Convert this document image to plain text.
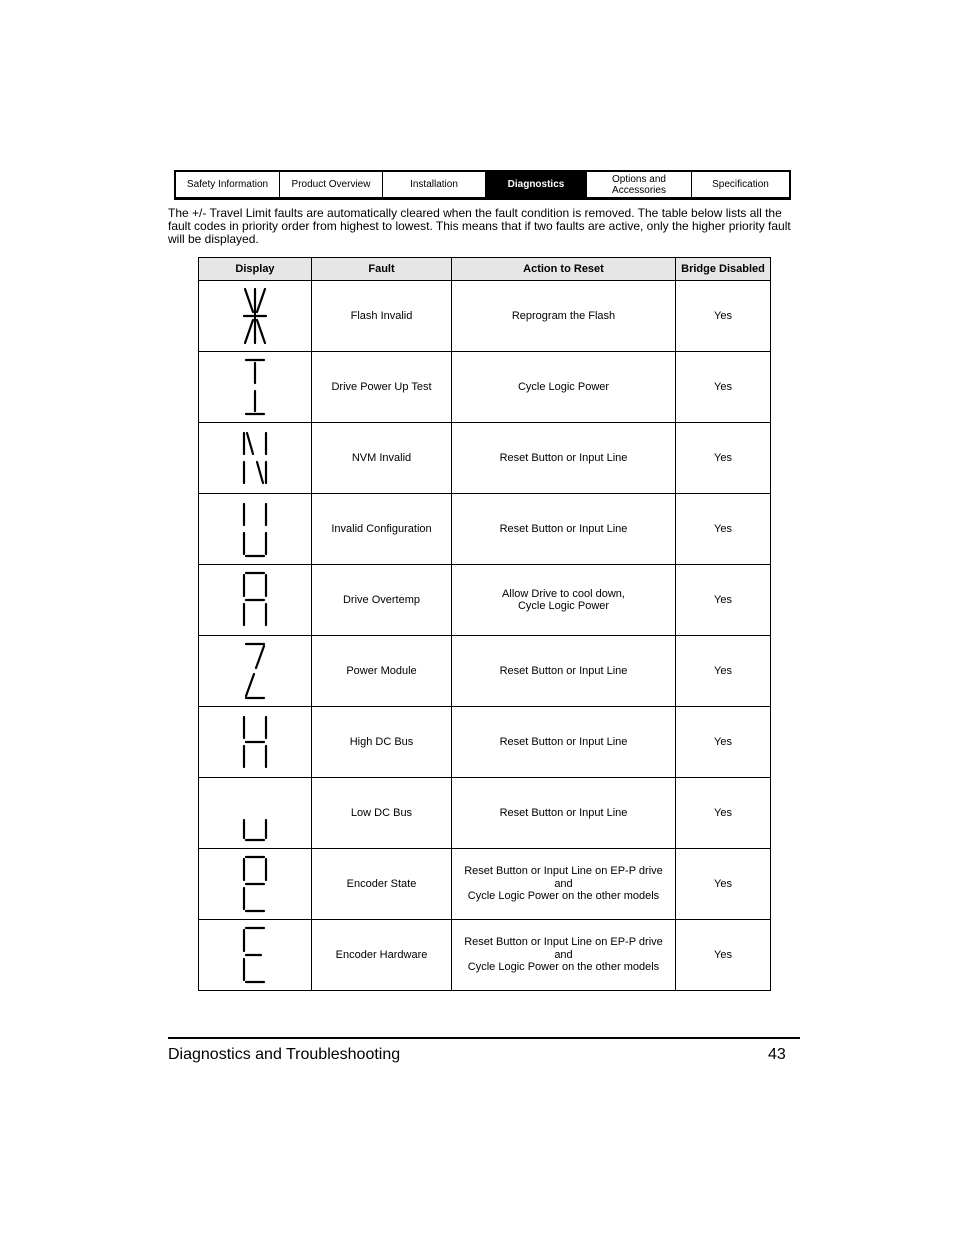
Safety Information	Product Overview	Installation	Diagnostics	Options and
Accessories	Specification

The +/- Travel Limit faults are automatically cleared when the fault condition is removed. The table below lists all the fault codes in priority order from highest to lowest. This means that if two faults are active, only the higher priority fault will be displayed.

Display	Fault	Action to Reset	Bridge Disabled

	Flash Invalid	Reprogram the Flash	Yes

	Drive Power Up Test	Cycle Logic Power	Yes

	NVM Invalid	Reset Button or Input Line	Yes

	Invalid Configuration	Reset Button or Input Line	Yes

	Drive Overtemp	Allow Drive to cool down,
Cycle Logic Power	Yes

	Power Module	Reset Button or Input Line	Yes

	High DC Bus	Reset Button or Input Line	Yes

	Low DC Bus	Reset Button or Input Line	Yes

	Encoder State	Reset Button or Input Line on EP-P drive
and
Cycle Logic Power on the other models	Yes

	Encoder Hardware	Reset Button or Input Line on EP-P drive
and
Cycle Logic Power on the other models	Yes
Diagnostics and Troubleshooting	43
